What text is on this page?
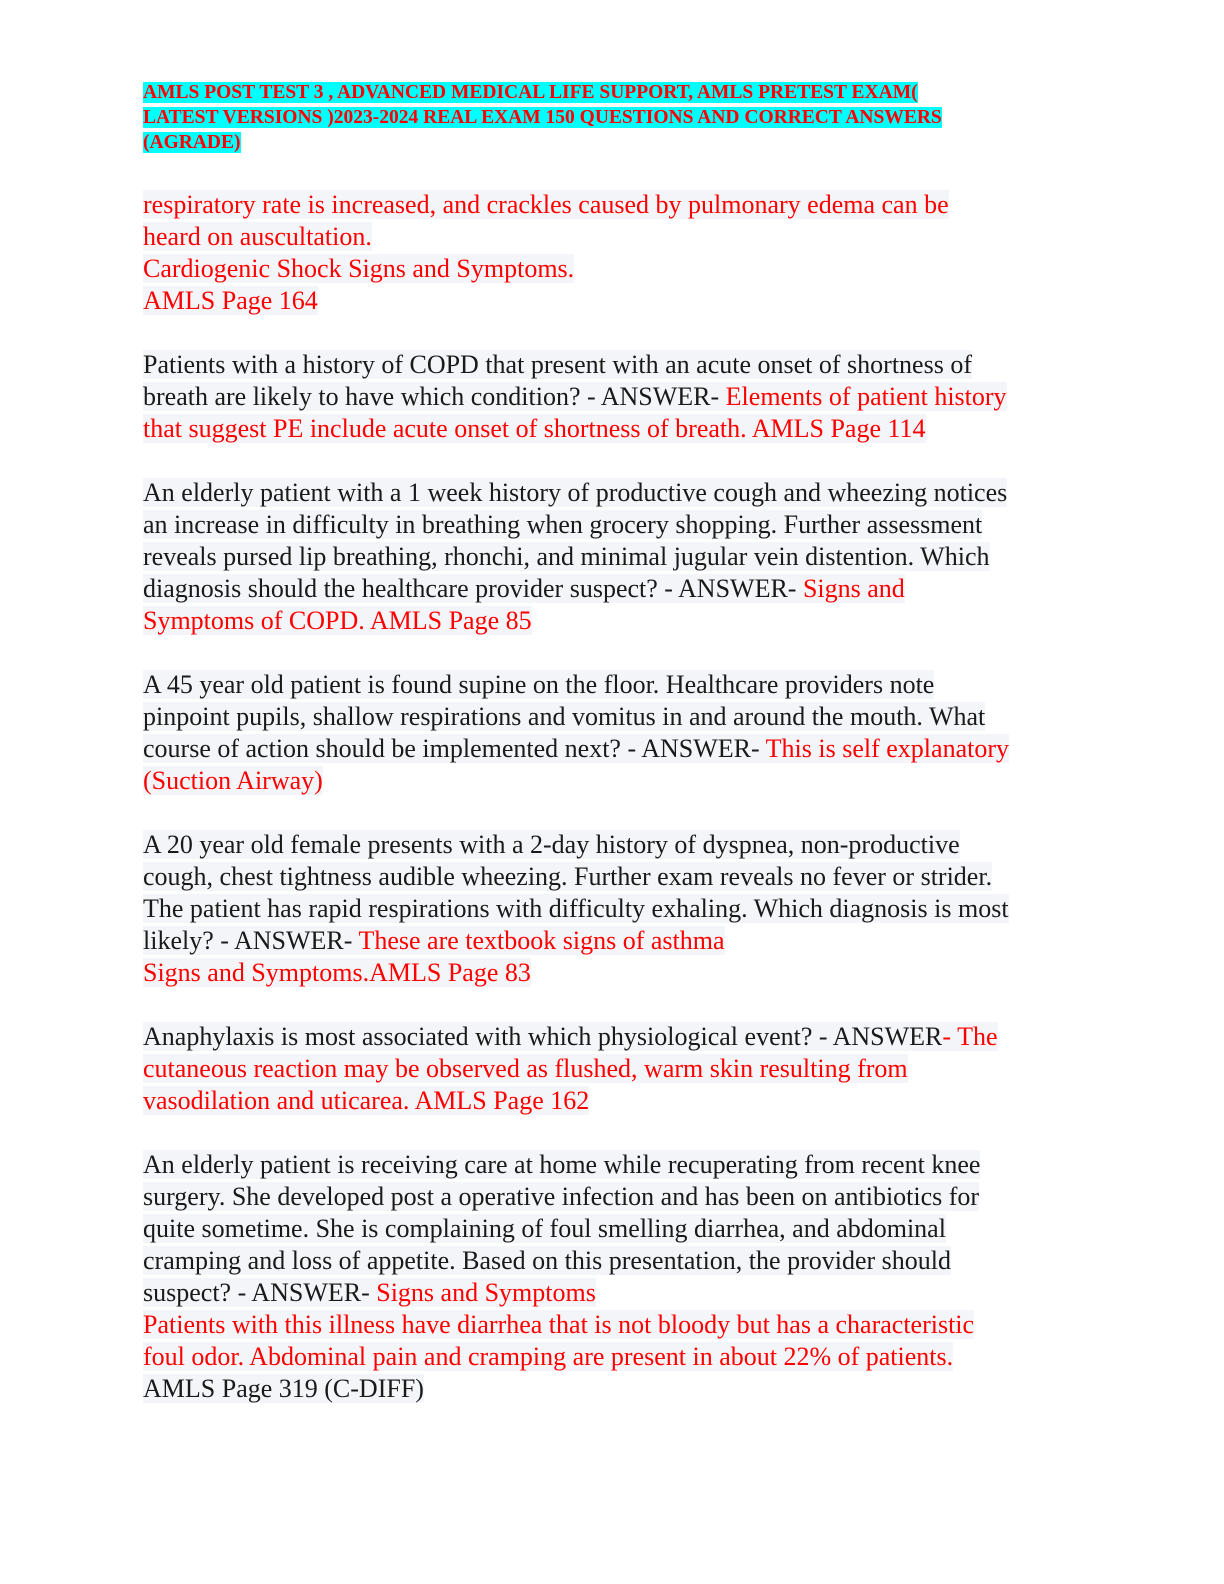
AMLS POST TEST 3 , ADVANCED MEDICAL LIFE SUPPORT, AMLS PRETEST EXAM(
LATEST VERSIONS )2023-2024 REAL EXAM 150 QUESTIONS AND CORRECT ANSWERS
(AGRADE)
respiratory rate is increased, and crackles caused by pulmonary edema can be
heard on auscultation.
Cardiogenic Shock Signs and Symptoms.
AMLS Page 164
Patients with a history of COPD that present with an acute onset of shortness of
breath are likely to have which condition? - ANSWER- Elements of patient history
that suggest PE include acute onset of shortness of breath. AMLS Page 114
An elderly patient with a 1 week history of productive cough and wheezing notices
an increase in difficulty in breathing when grocery shopping. Further assessment
reveals pursed lip breathing, rhonchi, and minimal jugular vein distention. Which
diagnosis should the healthcare provider suspect? - ANSWER- Signs and
Symptoms of COPD. AMLS Page 85
A 45 year old patient is found supine on the floor. Healthcare providers note
pinpoint pupils, shallow respirations and vomitus in and around the mouth. What
course of action should be implemented next? - ANSWER- This is self explanatory
(Suction Airway)
A 20 year old female presents with a 2-day history of dyspnea, non-productive
cough, chest tightness audible wheezing. Further exam reveals no fever or strider.
The patient has rapid respirations with difficulty exhaling. Which diagnosis is most
likely? - ANSWER- These are textbook signs of asthma
Signs and Symptoms.AMLS Page 83
Anaphylaxis is most associated with which physiological event? - ANSWER- The
cutaneous reaction may be observed as flushed, warm skin resulting from
vasodilation and uticarea. AMLS Page 162
An elderly patient is receiving care at home while recuperating from recent knee
surgery. She developed post a operative infection and has been on antibiotics for
quite sometime. She is complaining of foul smelling diarrhea, and abdominal
cramping and loss of appetite. Based on this presentation, the provider should
suspect? - ANSWER- Signs and Symptoms
Patients with this illness have diarrhea that is not bloody but has a characteristic
foul odor. Abdominal pain and cramping are present in about 22% of patients.
AMLS Page 319 (C-DIFF)
